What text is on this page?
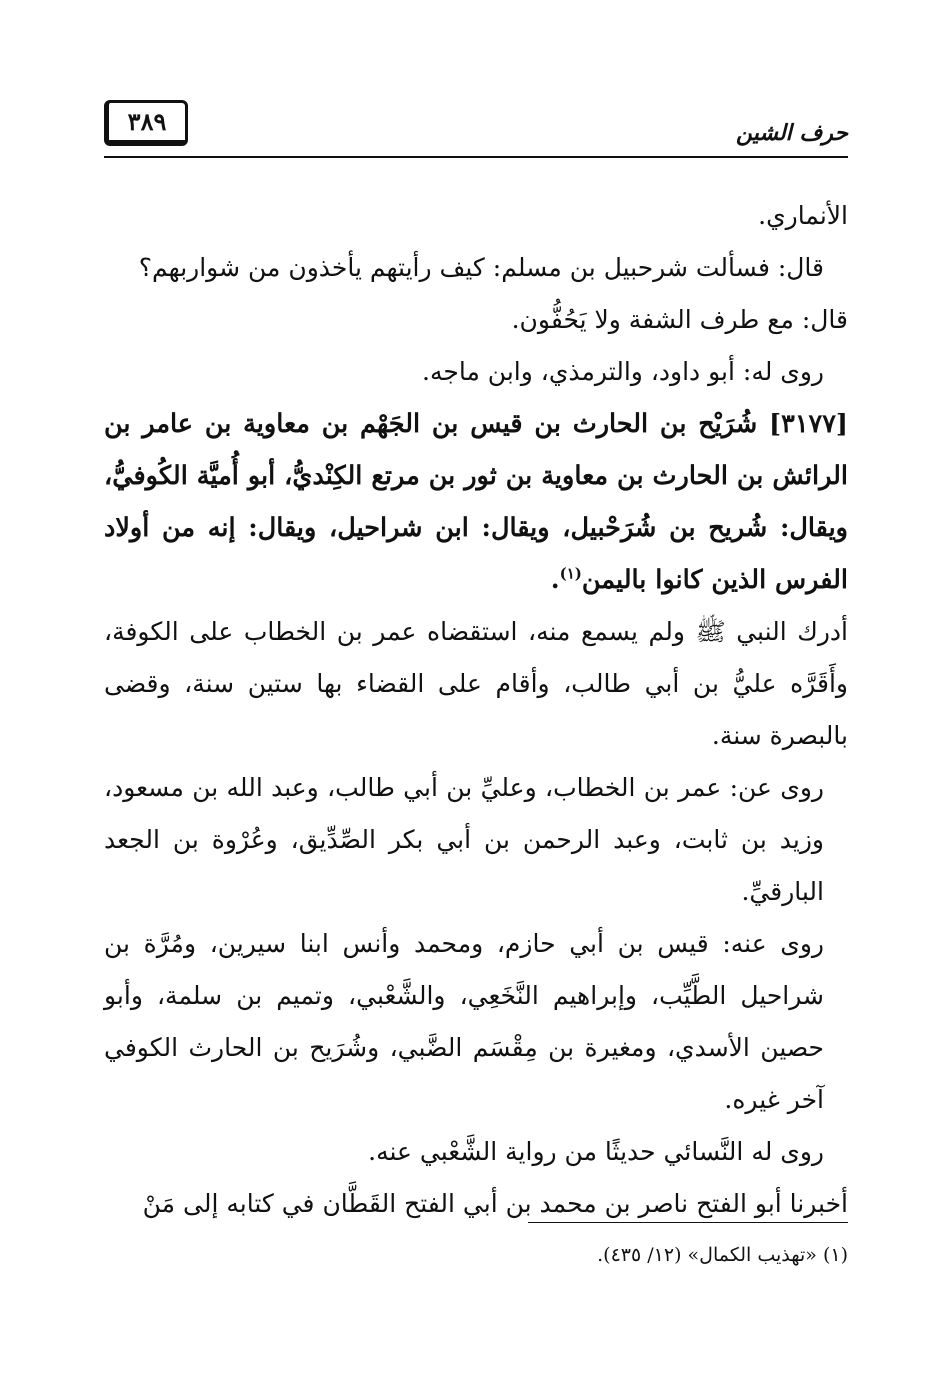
٣٨٩	حرف الشين

الأنماري.

قال: فسألت شرحبيل بن مسلم: كيف رأيتهم يأخذون من شواربهم؟

قال: مع طرف الشفة ولا يَحُفُّون.

روى له: أبو داود، والترمذي، وابن ماجه.

[٣١٧٧] شُرَيْح بن الحارث بن قيس بن الجَهْم بن معاوية بن عامر بن الرائش بن الحارث بن معاوية بن ثور بن مرتع الكِنْديُّ، أبو أُميَّة الكُوفيُّ، ويقال: شُريح بن شُرَحْبيل، ويقال: ابن شراحيل، ويقال: إنه من أولاد الفرس الذين كانوا باليمن$^{(١)}$.

أدرك النبي ﷺ ولم يسمع منه، استقضاه عمر بن الخطاب على الكوفة، وأَقَرَّه عليُّ بن أبي طالب، وأقام على القضاء بها ستين سنة، وقضى بالبصرة سنة.

روى عن: عمر بن الخطاب، وعليِّ بن أبي طالب، وعبد الله بن مسعود، وزيد بن ثابت، وعبد الرحمن بن أبي بكر الصِّدِّيق، وعُرْوة بن الجعد البارقيِّ.

روى عنه: قيس بن أبي حازم، ومحمد وأنس ابنا سيرين، ومُرَّة بن شراحيل الطَّيِّب، وإبراهيم النَّخَعِي، والشَّعْبي، وتميم بن سلمة، وأبو حصين الأسدي، ومغيرة بن مِقْسَم الضَّبي، وشُرَيح بن الحارث الكوفي آخر غيره.

روى له النَّسائي حديثًا من رواية الشَّعْبي عنه.

أخبرنا أبو الفتح ناصر بن محمد بن أبي الفتح القَطَّان في كتابه إلى مَنْ

(١) «تهذيب الكمال» (١٢/ ٤٣٥).
